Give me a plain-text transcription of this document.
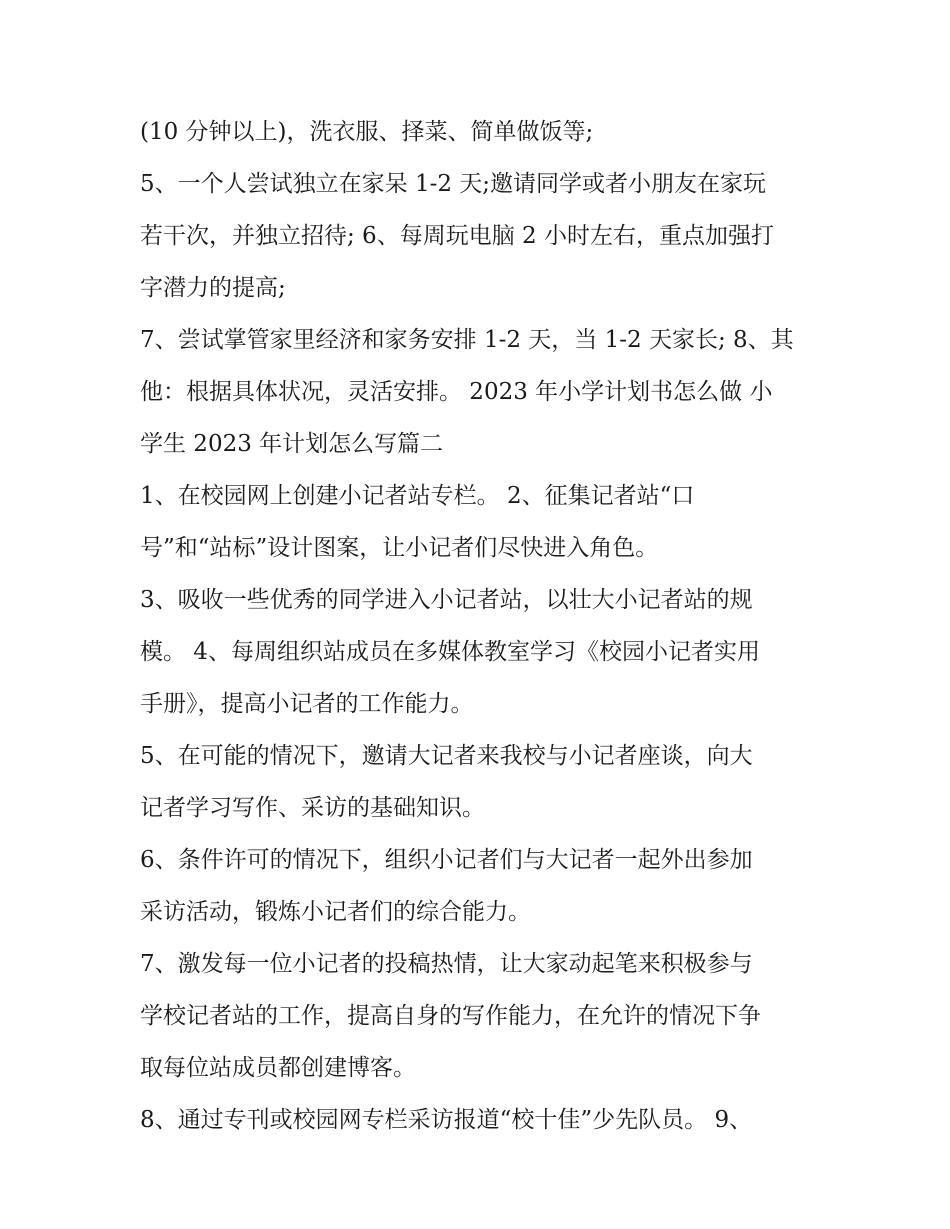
(10 分钟以上)，洗衣服、择菜、简单做饭等;
5、一个人尝试独立在家呆 1-2 天;邀请同学或者小朋友在家玩
若干次，并独立招待; 6、每周玩电脑 2 小时左右，重点加强打
字潜力的提高;
7、尝试掌管家里经济和家务安排 1-2 天，当 1-2 天家长; 8、其
他：根据具体状况，灵活安排。 2023 年小学计划书怎么做 小
学生 2023 年计划怎么写篇二
1、在校园网上创建小记者站专栏。 2、征集记者站“口
号”和“站标”设计图案，让小记者们尽快进入角色。
3、吸收一些优秀的同学进入小记者站，以壮大小记者站的规
模。 4、每周组织站成员在多媒体教室学习《校园小记者实用
手册》，提高小记者的工作能力。
5、在可能的情况下，邀请大记者来我校与小记者座谈，向大
记者学习写作、采访的基础知识。
6、条件许可的情况下，组织小记者们与大记者一起外出参加
采访活动，锻炼小记者们的综合能力。
7、激发每一位小记者的投稿热情，让大家动起笔来积极参与
学校记者站的工作，提高自身的写作能力，在允许的情况下争
取每位站成员都创建博客。
8、通过专刊或校园网专栏采访报道“校十佳”少先队员。 9、
